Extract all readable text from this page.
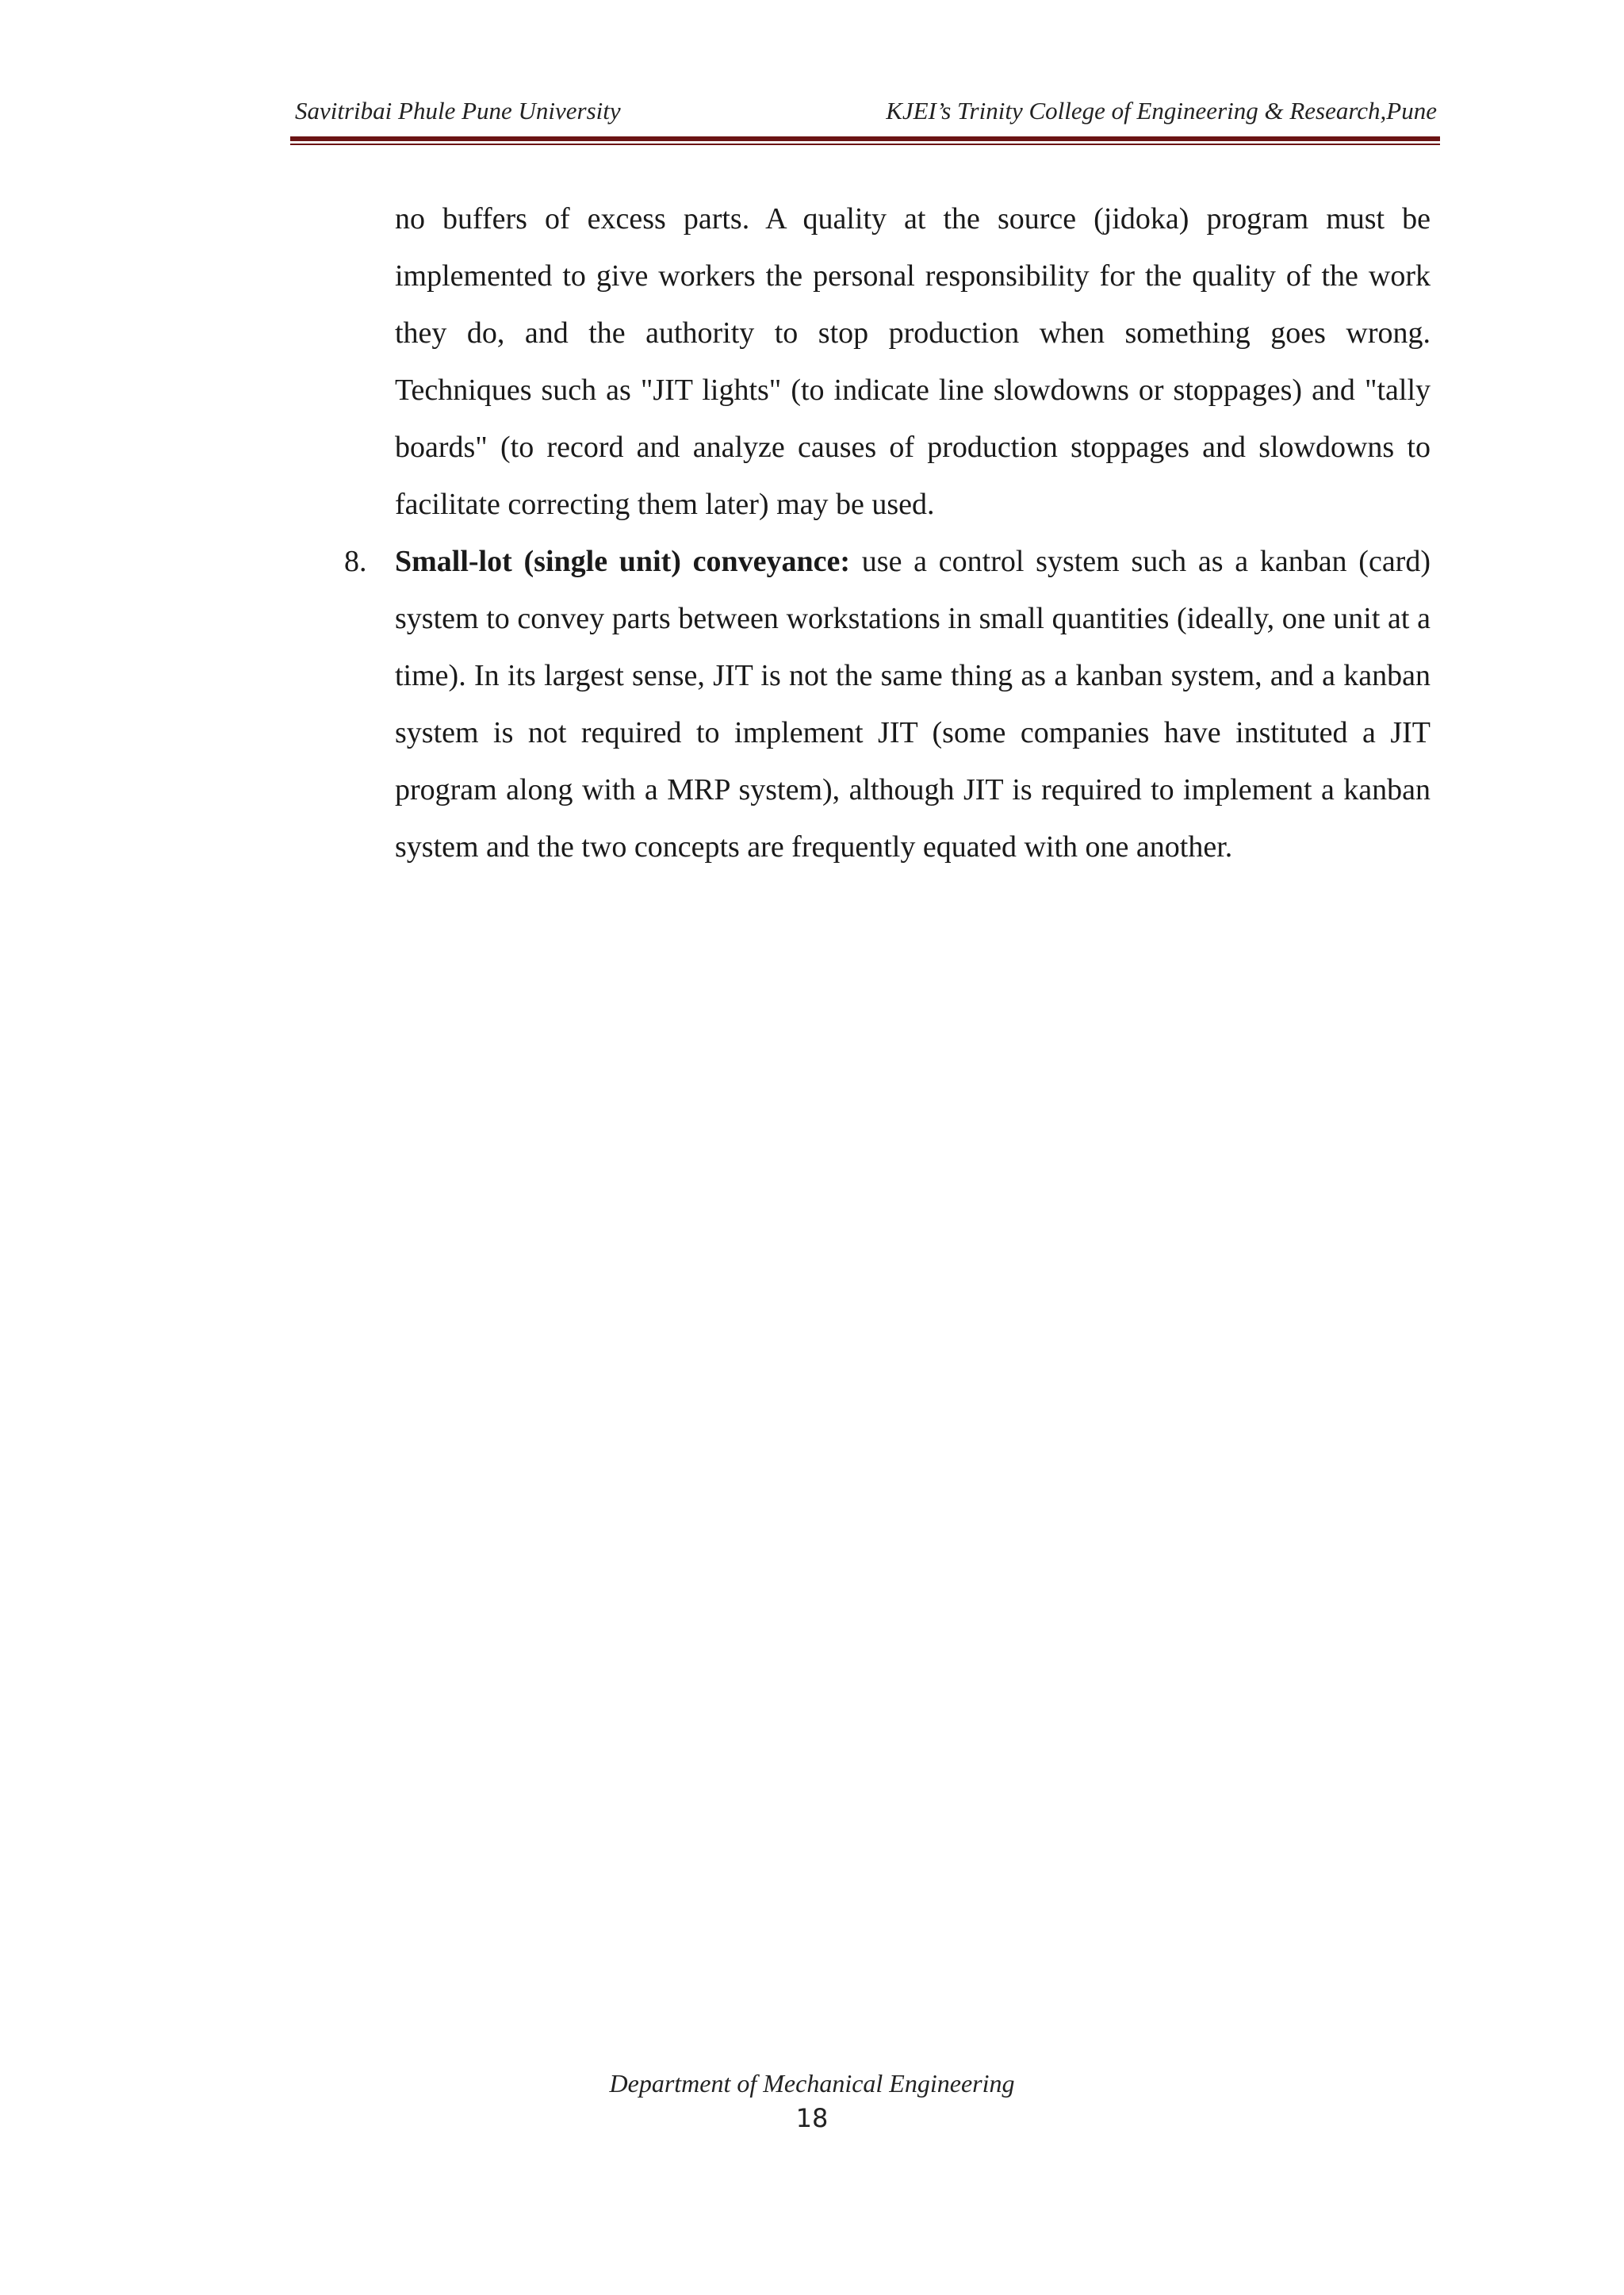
Savitribai Phule Pune University	KJEI’s Trinity College of Engineering & Research,Pune

no buffers of excess parts. A quality at the source (jidoka) program must be implemented to give workers the personal responsibility for the quality of the work they do, and the authority to stop production when something goes wrong. Techniques such as "JIT lights" (to indicate line slowdowns or stoppages) and "tally boards" (to record and analyze causes of production stoppages and slowdowns to facilitate correcting them later) may be used.

8. Small-lot (single unit) conveyance: use a control system such as a kanban (card) system to convey parts between workstations in small quantities (ideally, one unit at a time). In its largest sense, JIT is not the same thing as a kanban system, and a kanban system is not required to implement JIT (some companies have instituted a JIT program along with a MRP system), although JIT is required to implement a kanban system and the two concepts are frequently equated with one another.

Department of Mechanical Engineering
18
